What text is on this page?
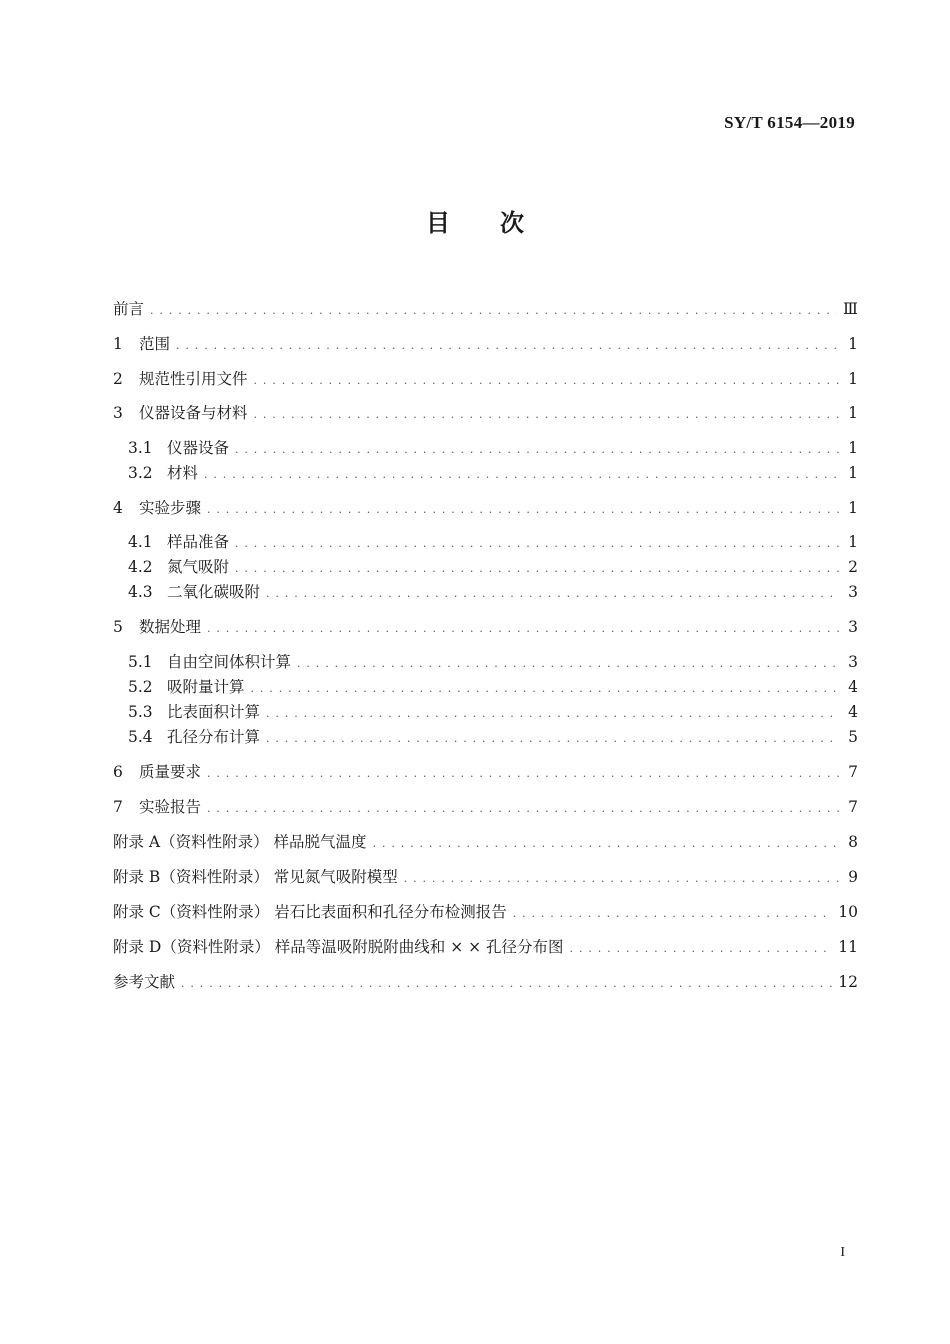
SY/T 6154—2019
目 次
前言 . . .	Ⅲ
1	范围 . . .	1
2	规范性引用文件 . . .	1
3	仪器设备与材料 . . .	1
3.1 仪器设备 . . .	1
3.2 材料 . . .	1
4	实验步骤 . . .	1
4.1 样品准备 . . .	1
4.2 氮气吸附 . . .	2
4.3 二氧化碳吸附 . . .	3
5	数据处理 . . .	3
5.1 自由空间体积计算 . . .	3
5.2 吸附量计算 . . .	4
5.3 比表面积计算 . . .	4
5.4 孔径分布计算 . . .	5
6	质量要求 . . .	7
7	实验报告 . . .	7
附录 A（资料性附录） 样品脱气温度 . . .	8
附录 B（资料性附录） 常见氮气吸附模型 . . .	9
附录 C（资料性附录） 岩石比表面积和孔径分布检测报告 . . .	10
附录 D（资料性附录） 样品等温吸附脱附曲线和 × × 孔径分布图 . . .	11
参考文献 . . .	12
I
